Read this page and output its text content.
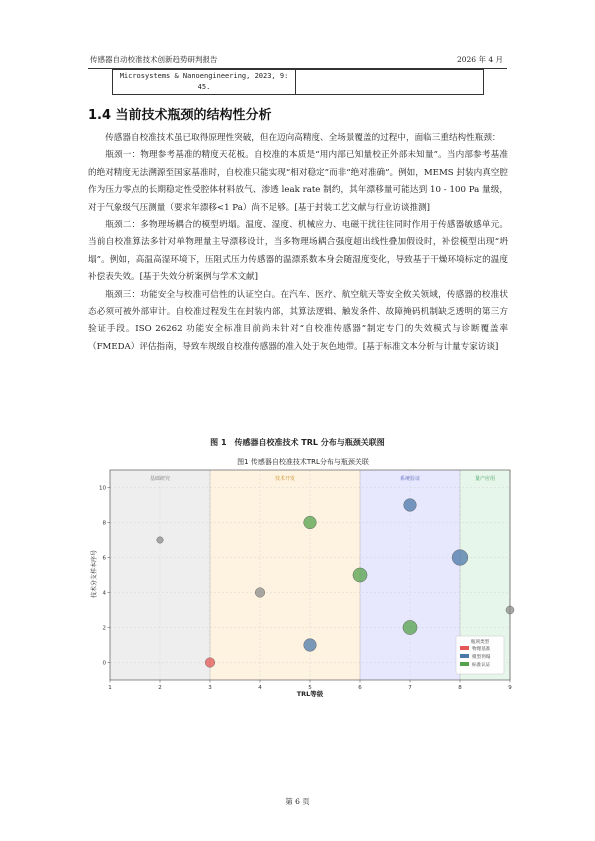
传感器自动校准技术创新趋势研判报告	2026 年 4 月
Microsystems & Nanoengineering, 2023, 9: 45.	
1.4 当前技术瓶颈的结构性分析

传感器自校准技术虽已取得原理性突破，但在迈向高精度、全场景覆盖的过程中，面临三重结构性瓶颈：

瓶颈一：物理参考基准的精度天花板。自校准的本质是“用内部已知量校正外部未知量”。当内部参考基准的绝对精度无法溯源至国家基准时，自校准只能实现“相对稳定”而非“绝对准确”。例如，MEMS 封装内真空腔作为压力零点的长期稳定性受腔体材料放气、渗透 leak rate 制约，其年漂移量可能达到 10 - 100 Pa 量级，对于气象级气压测量（要求年漂移<1 Pa）尚不足够。[基于封装工艺文献与行业访谈推测]

瓶颈二：多物理场耦合的模型坍塌。温度、湿度、机械应力、电磁干扰往往同时作用于传感器敏感单元。当前自校准算法多针对单物理量主导漂移设计，当多物理场耦合强度超出线性叠加假设时，补偿模型出现“坍塌”。例如，高温高湿环境下，压阻式压力传感器的温漂系数本身会随湿度变化，导致基于干燥环境标定的温度补偿表失效。[基于失效分析案例与学术文献]

瓶颈三：功能安全与校准可信性的认证空白。在汽车、医疗、航空航天等安全攸关领域，传感器的校准状态必须可被外部审计。自校准过程发生在封装内部，其算法逻辑、触发条件、故障掩码机制缺乏透明的第三方验证手段。ISO 26262 功能安全标准目前尚未针对“自校准传感器”制定专门的失效模式与诊断覆盖率（FMEDA）评估指南，导致车规级自校准传感器的准入处于灰色地带。[基于标准文本分析与计量专家访谈]

图 1　传感器自校准技术 TRL 分布与瓶颈关联图
图1 传感器自校准技术TRL分布与瓶颈关联
TRL等级
技术分支样本序号
基础研究	技术开发	系统验证	量产应用
1	2	3	4	5	6	7	8	9
0
2
4
6
8
10
瓶颈类型
物理基准
模型坍塌
标准认证
第 6 页
